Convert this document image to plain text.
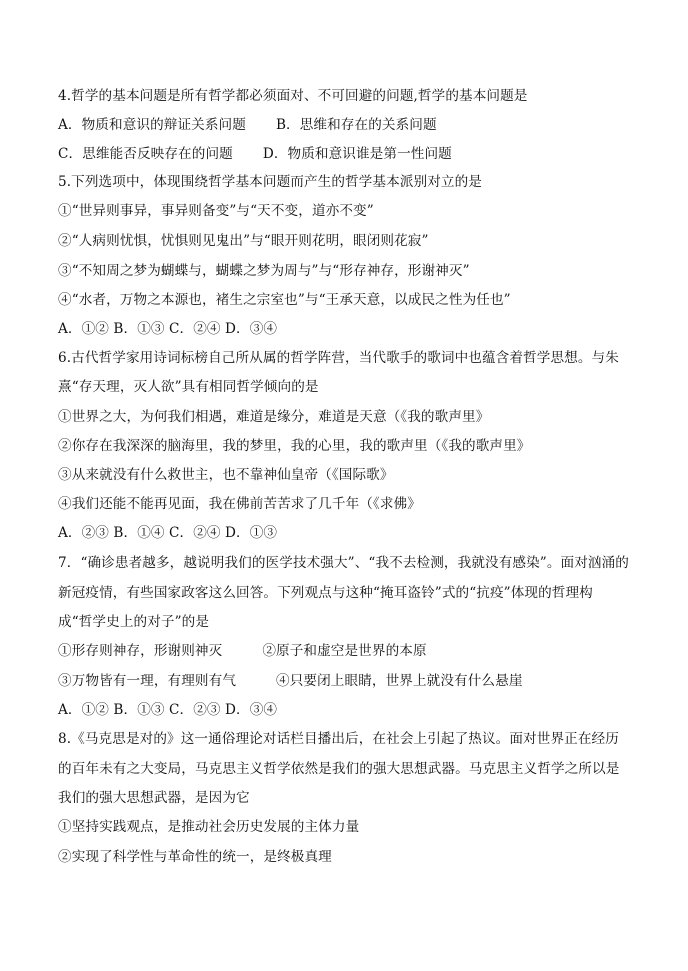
4.哲学的基本问题是所有哲学都必须面对、不可回避的问题,哲学的基本问题是
A．物质和意识的辩证关系问题 B．思维和存在的关系问题
C．思维能否反映存在的问题 D．物质和意识谁是第一性问题
5.下列选项中，体现围绕哲学基本问题而产生的哲学基本派别对立的是
①“世异则事异，事异则备变”与“天不变，道亦不变”
②“人病则忧惧，忧惧则见鬼出”与“眼开则花明，眼闭则花寂”
③“不知周之梦为蝴蝶与，蝴蝶之梦为周与”与“形存神存，形谢神灭”
④“水者，万物之本源也，褚生之宗室也”与“王承天意，以成民之性为任也”
A．①② B．①③ C．②④ D．③④
6.古代哲学家用诗词标榜自己所从属的哲学阵营，当代歌手的歌词中也蕴含着哲学思想。与朱
熹“存天理，灭人欲”具有相同哲学倾向的是
①世界之大，为何我们相遇，难道是缘分，难道是天意（《我的歌声里》
②你存在我深深的脑海里，我的梦里，我的心里，我的歌声里（《我的歌声里》
③从来就没有什么救世主，也不靠神仙皇帝（《国际歌》
④我们还能不能再见面，我在佛前苦苦求了几千年（《求佛》
A．②③ B．①④ C．②④ D．①③
7．“确诊患者越多，越说明我们的医学技术强大”、“我不去检测，我就没有感染”。面对汹涌的
新冠疫情，有些国家政客这么回答。下列观点与这种“掩耳盗铃”式的“抗疫”体现的哲理构
成“哲学史上的对子”的是
①形存则神存，形谢则神灭	②原子和虚空是世界的本原
③万物皆有一理，有理则有气	④只要闭上眼睛，世界上就没有什么悬崖
A．①② B．①③ C．②③ D．③④
8.《马克思是对的》这一通俗理论对话栏目播出后，在社会上引起了热议。面对世界正在经历
的百年未有之大变局，马克思主义哲学依然是我们的强大思想武器。马克思主义哲学之所以是
我们的强大思想武器，是因为它
①坚持实践观点，是推动社会历史发展的主体力量
②实现了科学性与革命性的统一，是终极真理
